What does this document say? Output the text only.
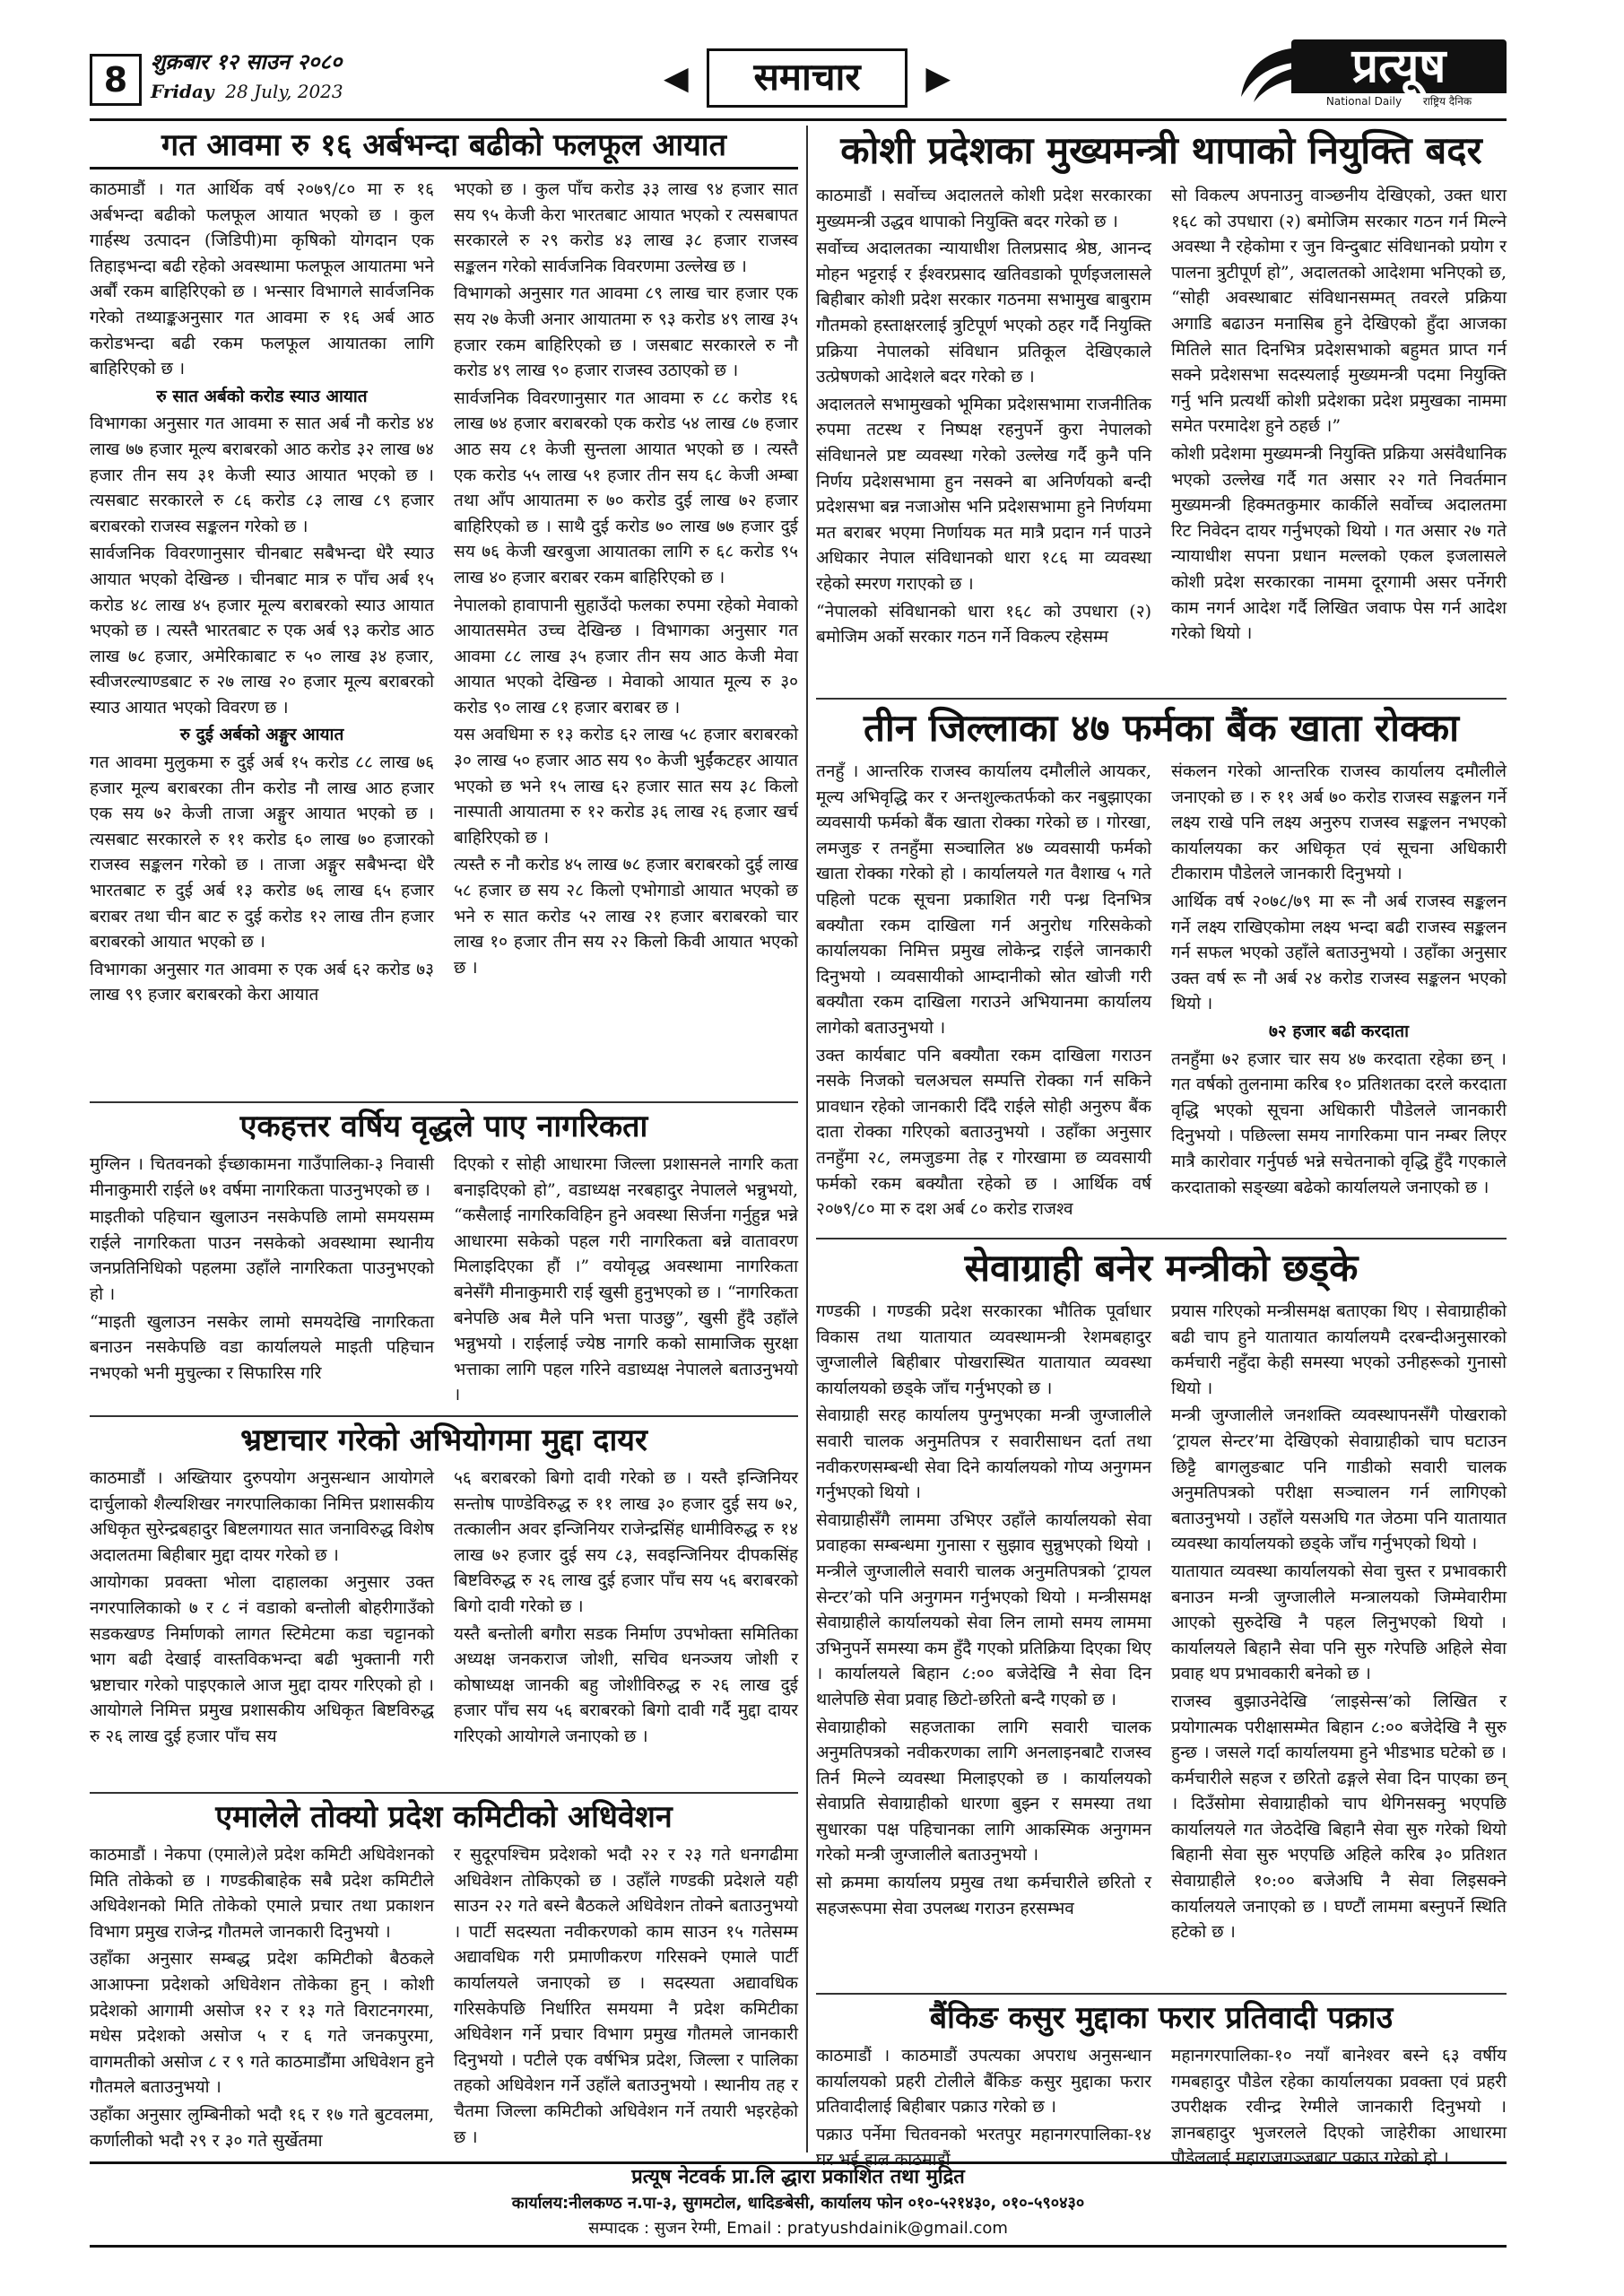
8	शुक्रबार १२ साउन २०८०
Friday 28 July, 2023	◀	समाचार	▶	प्रत्यूष
National Daily राष्ट्रिय दैनिक
गत आवमा रु १६ अर्बभन्दा बढीको फलफूल आयात

काठमाडौं । गत आर्थिक वर्ष २०७९/८० मा रु १६ अर्बभन्दा बढीको फलफूल आयात भएको छ । कुल गार्हस्थ उत्पादन (जिडिपी)मा कृषिको योगदान एक तिहाइभन्दा बढी रहेको अवस्थामा फलफूल आयातमा भने अर्बौं रकम बाहिरिएको छ । भन्सार विभागले सार्वजनिक गरेको तथ्याङ्कअनुसार गत आवमा रु १६ अर्ब आठ करोडभन्दा बढी रकम फलफूल आयातका लागि बाहिरिएको छ ।

रु सात अर्बको करोड स्याउ आयात

विभागका अनुसार गत आवमा रु सात अर्ब नौ करोड ४४ लाख ७७ हजार मूल्य बराबरको आठ करोड ३२ लाख ७४ हजार तीन सय ३१ केजी स्याउ आयात भएको छ । त्यसबाट सरकारले रु ८६ करोड ८३ लाख ८९ हजार बराबरको राजस्व सङ्कलन गरेको छ ।

सार्वजनिक विवरणानुसार चीनबाट सबैभन्दा धेरै स्याउ आयात भएको देखिन्छ । चीनबाट मात्र रु पाँच अर्ब १५ करोड ४८ लाख ४५ हजार मूल्य बराबरको स्याउ आयात भएको छ । त्यस्तै भारतबाट रु एक अर्ब ९३ करोड आठ लाख ७८ हजार, अमेरिकाबाट रु ५० लाख ३४ हजार, स्वीजरल्याण्डबाट रु २७ लाख २० हजार मूल्य बराबरको स्याउ आयात भएको विवरण छ ।

रु दुई अर्बको अङ्गुर आयात

गत आवमा मुलुकमा रु दुई अर्ब १५ करोड ८८ लाख ७६ हजार मूल्य बराबरका तीन करोड नौ लाख आठ हजार एक सय ७२ केजी ताजा अङ्गुर आयात भएको छ । त्यसबाट सरकारले रु ११ करोड ६० लाख ७० हजारको राजस्व सङ्कलन गरेको छ । ताजा अङ्गुर सबैभन्दा धेरै भारतबाट रु दुई अर्ब १३ करोड ७६ लाख ६५ हजार बराबर तथा चीन बाट रु दुई करोड १२ लाख तीन हजार बराबरको आयात भएको छ ।

विभागका अनुसार गत आवमा रु एक अर्ब ६२ करोड ७३ लाख ९९ हजार बराबरको केरा आयात

भएको छ । कुल पाँच करोड ३३ लाख ९४ हजार सात सय ९५ केजी केरा भारतबाट आयात भएको र त्यसबापत सरकारले रु २९ करोड ४३ लाख ३८ हजार राजस्व सङ्कलन गरेको सार्वजनिक विवरणमा उल्लेख छ ।

विभागको अनुसार गत आवमा ८९ लाख चार हजार एक सय २७ केजी अनार आयातमा रु ९३ करोड ४९ लाख ३५ हजार रकम बाहिरिएको छ । जसबाट सरकारले रु नौ करोड ४९ लाख ९० हजार राजस्व उठाएको छ ।

सार्वजनिक विवरणानुसार गत आवमा रु ८८ करोड १६ लाख ७४ हजार बराबरको एक करोड ५४ लाख ८७ हजार आठ सय ८१ केजी सुन्तला आयात भएको छ । त्यस्तै एक करोड ५५ लाख ५१ हजार तीन सय ६८ केजी अम्बा तथा आँप आयातमा रु ७० करोड दुई लाख ७२ हजार बाहिरिएको छ । साथै दुई करोड ७० लाख ७७ हजार दुई सय ७६ केजी खरबुजा आयातका लागि रु ६८ करोड ९५ लाख ४० हजार बराबर रकम बाहिरिएको छ ।

नेपालको हावापानी सुहाउँदो फलका रुपमा रहेको मेवाको आयातसमेत उच्च देखिन्छ । विभागका अनुसार गत आवमा ८८ लाख ३५ हजार तीन सय आठ केजी मेवा आयात भएको देखिन्छ । मेवाको आयात मूल्य रु ३० करोड ९० लाख ८१ हजार बराबर छ ।

यस अवधिमा रु १३ करोड ६२ लाख ५८ हजार बराबरको ३० लाख ५० हजार आठ सय ९० केजी भुईंकटहर आयात भएको छ भने १५ लाख ६२ हजार सात सय ३८ किलो नास्पाती आयातमा रु १२ करोड ३६ लाख २६ हजार खर्च बाहिरिएको छ ।

त्यस्तै रु नौ करोड ४५ लाख ७८ हजार बराबरको दुई लाख ५८ हजार छ सय २८ किलो एभोगाडो आयात भएको छ भने रु सात करोड ५२ लाख २१ हजार बराबरको चार लाख १० हजार तीन सय २२ किलो किवी आयात भएको छ ।

एकहत्तर वर्षिय वृद्धले पाए नागरिकता

मुग्लिन । चितवनको ईच्छाकामना गाउँपालिका-३ निवासी मीनाकुमारी राईले ७१ वर्षमा नागरिकता पाउनुभएको छ ।

माइतीको पहिचान खुलाउन नसकेपछि लामो समयसम्म राईले नागरिकता पाउन नसकेको अवस्थामा स्थानीय जनप्रतिनिधिको पहलमा उहाँले नागरिकता पाउनुभएको हो ।

“माइती खुलाउन नसकेर लामो समयदेखि नागरिकता बनाउन नसकेपछि वडा कार्यालयले माइती पहिचान नभएको भनी मुचुल्का र सिफारिस गरि

दिएको र सोही आधारमा जिल्ला प्रशासनले नागरि कता बनाइदिएको हो”, वडाध्यक्ष नरबहादुर नेपालले भन्नुभयो, “कसैलाई नागरिकविहिन हुने अवस्था सिर्जना गर्नुहुन्न भन्ने आधारमा सकेको पहल गरी नागरिकता बन्ने वातावरण मिलाइदिएका हौं ।” वयोवृद्ध अवस्थामा नागरिकता बनेसँगै मीनाकुमारी राई खुसी हुनुभएको छ । “नागरिकता बनेपछि अब मैले पनि भत्ता पाउछु”, खुसी हुँदै उहाँले भन्नुभयो । राईलाई ज्येष्ठ नागरि कको सामाजिक सुरक्षा भत्ताका लागि पहल गरिने वडाध्यक्ष नेपालले बताउनुभयो ।

भ्रष्टाचार गरेको अभियोगमा मुद्दा दायर

काठमाडौं । अख्तियार दुरुपयोग अनुसन्धान आयोगले दार्चुलाको शैल्यशिखर नगरपालिकाका निमित्त प्रशासकीय अधिकृत सुरेन्द्रबहादुर बिष्टलगायत सात जनाविरुद्ध विशेष अदालतमा बिहीबार मुद्दा दायर गरेको छ ।

आयोगका प्रवक्ता भोला दाहालका अनुसार उक्त नगरपालिकाको ७ र ८ नं वडाको बन्तोली बोहरीगाउँको सडकखण्ड निर्माणको लागत स्टिमेटमा कडा चट्टानको भाग बढी देखाई वास्तविकभन्दा बढी भुक्तानी गरी भ्रष्टाचार गरेको पाइएकाले आज मुद्दा दायर गरिएको हो । आयोगले निमित्त प्रमुख प्रशासकीय अधिकृत बिष्टविरुद्ध रु २६ लाख दुई हजार पाँच सय

५६ बराबरको बिगो दावी गरेको छ । यस्तै इन्जिनियर सन्तोष पाण्डेविरुद्ध रु ११ लाख ३० हजार दुई सय ७२, तत्कालीन अवर इन्जिनियर राजेन्द्रसिंह धामीविरुद्ध रु १४ लाख ७२ हजार दुई सय ८३, सवइन्जिनियर दीपकसिंह बिष्टविरुद्ध रु २६ लाख दुई हजार पाँच सय ५६ बराबरको बिगो दावी गरेको छ ।

यस्तै बन्तोली बगौरा सडक निर्माण उपभोक्ता समितिका अध्यक्ष जनकराज जोशी, सचिव धनञ्जय जोशी र कोषाध्यक्ष जानकी बहु जोशीविरुद्ध रु २६ लाख दुई हजार पाँच सय ५६ बराबरको बिगो दावी गर्दै मुद्दा दायर गरिएको आयोगले जनाएको छ ।

एमालेले तोक्यो प्रदेश कमिटीको अधिवेशन

काठमाडौं । नेकपा (एमाले)ले प्रदेश कमिटी अधिवेशनको मिति तोकेको छ । गण्डकीबाहेक सबै प्रदेश कमिटीले अधिवेशनको मिति तोकेको एमाले प्रचार तथा प्रकाशन विभाग प्रमुख राजेन्द्र गौतमले जानकारी दिनुभयो ।

उहाँका अनुसार सम्बद्ध प्रदेश कमिटीको बैठकले आआफ्ना प्रदेशको अधिवेशन तोकेका हुन् । कोशी प्रदेशको आगामी असोज १२ र १३ गते विराटनगरमा, मधेस प्रदेशको असोज ५ र ६ गते जनकपुरमा, वागमतीको असोज ८ र ९ गते काठमाडौंमा अधिवेशन हुने गौतमले बताउनुभयो ।

उहाँका अनुसार लुम्बिनीको भदौ १६ र १७ गते बुटवलमा, कर्णालीको भदौ २९ र ३० गते सुर्खेतमा

र सुदूरपश्चिम प्रदेशको भदौ २२ र २३ गते धनगढीमा अधिवेशन तोकिएको छ । उहाँले गण्डकी प्रदेशले यही साउन २२ गते बस्ने बैठकले अधिवेशन तोक्ने बताउनुभयो । पार्टी सदस्यता नवीकरणको काम साउन १५ गतेसम्म अद्यावधिक गरी प्रमाणीकरण गरिसक्ने एमाले पार्टी कार्यालयले जनाएको छ । सदस्यता अद्यावधिक गरिसकेपछि निर्धारित समयमा नै प्रदेश कमिटीका अधिवेशन गर्ने प्रचार विभाग प्रमुख गौतमले जानकारी दिनुभयो । पटीले एक वर्षभित्र प्रदेश, जिल्ला र पालिका तहको अधिवेशन गर्ने उहाँले बताउनुभयो । स्थानीय तह र चैतमा जिल्ला कमिटीको अधिवेशन गर्ने तयारी भइरहेको छ ।

कोशी प्रदेशका मुख्यमन्त्री थापाको नियुक्ति बदर

काठमाडौं । सर्वोच्च अदालतले कोशी प्रदेश सरकारका मुख्यमन्त्री उद्धव थापाको नियुक्ति बदर गरेको छ ।

सर्वोच्च अदालतका न्यायाधीश तिलप्रसाद श्रेष्ठ, आनन्द मोहन भट्टराई र ईश्वरप्रसाद खतिवडाको पूर्णइजलासले बिहीबार कोशी प्रदेश सरकार गठनमा सभामुख बाबुराम गौतमको हस्ताक्षरलाई त्रुटिपूर्ण भएको ठहर गर्दै नियुक्ति प्रक्रिया नेपालको संविधान प्रतिकूल देखिएकाले उत्प्रेषणको आदेशले बदर गरेको छ ।

अदालतले सभामुखको भूमिका प्रदेशसभामा राजनीतिक रुपमा तटस्थ र निष्पक्ष रहनुपर्ने कुरा नेपालको संविधानले प्रष्ट व्यवस्था गरेको उल्लेख गर्दै कुनै पनि निर्णय प्रदेशसभामा हुन नसक्ने बा अनिर्णयको बन्दी प्रदेशसभा बन्न नजाओस भनि प्रदेशसभामा हुने निर्णयमा मत बराबर भएमा निर्णायक मत मात्रै प्रदान गर्न पाउने अधिकार नेपाल संविधानको धारा १८६ मा व्यवस्था रहेको स्मरण गराएको छ ।

“नेपालको संविधानको धारा १६८ को उपधारा (२) बमोजिम अर्को सरकार गठन गर्ने विकल्प रहेसम्म

सो विकल्प अपनाउनु वाञ्छनीय देखिएको, उक्त धारा १६८ को उपधारा (२) बमोजिम सरकार गठन गर्न मिल्ने अवस्था नै रहेकोमा र जुन विन्दुबाट संविधानको प्रयोग र पालना त्रुटीपूर्ण हो”, अदालतको आदेशमा भनिएको छ, “सोही अवस्थाबाट संविधानसम्मत् तवरले प्रक्रिया अगाडि बढाउन मनासिब हुने देखिएको हुँदा आजका मितिले सात दिनभित्र प्रदेशसभाको बहुमत प्राप्त गर्न सक्ने प्रदेशसभा सदस्यलाई मुख्यमन्त्री पदमा नियुक्ति गर्नु भनि प्रत्यर्थी कोशी प्रदेशका प्रदेश प्रमुखका नाममा समेत परमादेश हुने ठहर्छ ।”

कोशी प्रदेशमा मुख्यमन्त्री नियुक्ति प्रक्रिया असंवैधानिक भएको उल्लेख गर्दै गत असार २२ गते निवर्तमान मुख्यमन्त्री हिक्मतकुमार कार्कीले सर्वोच्च अदालतमा रिट निवेदन दायर गर्नुभएको थियो । गत असार २७ गते न्यायाधीश सपना प्रधान मल्लको एकल इजलासले कोशी प्रदेश सरकारका नाममा दूरगामी असर पर्नेगरी काम नगर्न आदेश गर्दै लिखित जवाफ पेस गर्न आदेश गरेको थियो ।

तीन जिल्लाका ४७ फर्मका बैंक खाता रोक्का

तनहुँ । आन्तरिक राजस्व कार्यालय दमौलीले आयकर, मूल्य अभिवृद्धि कर र अन्तशुल्कतर्फको कर नबुझाएका व्यवसायी फर्मको बैंक खाता रोक्का गरेको छ । गोरखा, लमजुङ र तनहुँमा सञ्चालित ४७ व्यवसायी फर्मको खाता रोक्का गरेको हो । कार्यालयले गत वैशाख ५ गते पहिलो पटक सूचना प्रकाशित गरी पन्ध्र दिनभित्र बक्यौता रकम दाखिला गर्न अनुरोध गरिसकेको कार्यालयका निमित्त प्रमुख लोकेन्द्र राईले जानकारी दिनुभयो । व्यवसायीको आम्दानीको स्रोत खोजी गरी बक्यौता रकम दाखिला गराउने अभियानमा कार्यालय लागेको बताउनुभयो ।

उक्त कार्यबाट पनि बक्यौता रकम दाखिला गराउन नसके निजको चलअचल सम्पत्ति रोक्का गर्न सकिने प्रावधान रहेको जानकारी दिँदै राईले सोही अनुरुप बैंक दाता रोक्का गरिएको बताउनुभयो । उहाँका अनुसार तनहुँमा २८, लमजुङमा तेह्र र गोरखामा छ व्यवसायी फर्मको रकम बक्यौता रहेको छ । आर्थिक वर्ष २०७९/८० मा रु दश अर्ब ८० करोड राजश्व

संकलन गरेको आन्तरिक राजस्व कार्यालय दमौलीले जनाएको छ । रु ११ अर्ब ७० करोड राजस्व सङ्कलन गर्ने लक्ष्य राखे पनि लक्ष्य अनुरुप राजस्व सङ्कलन नभएको कार्यालयका कर अधिकृत एवं सूचना अधिकारी टीकाराम पौडेलले जानकारी दिनुभयो ।

आर्थिक वर्ष २०७८/७९ मा रू नौ अर्ब राजस्व सङ्कलन गर्ने लक्ष्य राखिएकोमा लक्ष्य भन्दा बढी राजस्व सङ्कलन गर्न सफल भएको उहाँले बताउनुभयो । उहाँका अनुसार उक्त वर्ष रू नौ अर्ब २४ करोड राजस्व सङ्कलन भएको थियो ।

७२ हजार बढी करदाता

तनहुँमा ७२ हजार चार सय ४७ करदाता रहेका छन् । गत वर्षको तुलनामा करिब १० प्रतिशतका दरले करदाता वृद्धि भएको सूचना अधिकारी पौडेलले जानकारी दिनुभयो । पछिल्ला समय नागरिकमा पान नम्बर लिएर मात्रै कारोवार गर्नुपर्छ भन्ने सचेतनाको वृद्धि हुँदै गएकाले करदाताको सङ्ख्या बढेको कार्यालयले जनाएको छ ।

सेवाग्राही बनेर मन्त्रीको छड्के

गण्डकी । गण्डकी प्रदेश सरकारका भौतिक पूर्वाधार विकास तथा यातायात व्यवस्थामन्त्री रेशमबहादुर जुग्जालीले बिहीबार पोखरास्थित यातायात व्यवस्था कार्यालयको छड्के जाँच गर्नुभएको छ ।

सेवाग्राही सरह कार्यालय पुग्नुभएका मन्त्री जुग्जालीले सवारी चालक अनुमतिपत्र र सवारीसाधन दर्ता तथा नवीकरणसम्बन्धी सेवा दिने कार्यालयको गोप्य अनुगमन गर्नुभएको थियो ।

सेवाग्राहीसँगै लाममा उभिएर उहाँले कार्यालयको सेवा प्रवाहका सम्बन्धमा गुनासा र सुझाव सुन्नुभएको थियो । मन्त्रीले जुग्जालीले सवारी चालक अनुमतिपत्रको ‘ट्रायल सेन्टर’को पनि अनुगमन गर्नुभएको थियो । मन्त्रीसमक्ष सेवाग्राहीले कार्यालयको सेवा लिन लामो समय लाममा उभिनुपर्ने समस्या कम हुँदै गएको प्रतिक्रिया दिएका थिए । कार्यालयले बिहान ८:०० बजेदेखि नै सेवा दिन थालेपछि सेवा प्रवाह छिटो-छरितो बन्दै गएको छ ।

सेवाग्राहीको सहजताका लागि सवारी चालक अनुमतिपत्रको नवीकरणका लागि अनलाइनबाटै राजस्व तिर्न मिल्ने व्यवस्था मिलाइएको छ । कार्यालयको सेवाप्रति सेवाग्राहीको धारणा बुझ्न र समस्या तथा सुधारका पक्ष पहिचानका लागि आकस्मिक अनुगमन गरेको मन्त्री जुग्जालीले बताउनुभयो ।

सो क्रममा कार्यालय प्रमुख तथा कर्मचारीले छरितो र सहजरूपमा सेवा उपलब्ध गराउन हरसम्भव

प्रयास गरिएको मन्त्रीसमक्ष बताएका थिए । सेवाग्राहीको बढी चाप हुने यातायात कार्यालयमै दरबन्दीअनुसारको कर्मचारी नहुँदा केही समस्या भएको उनीहरूको गुनासो थियो ।

मन्त्री जुग्जालीले जनशक्ति व्यवस्थापनसँगै पोखराको ‘ट्रायल सेन्टर’मा देखिएको सेवाग्राहीको चाप घटाउन छिट्टै बागलुङबाट पनि गाडीको सवारी चालक अनुमतिपत्रको परीक्षा सञ्चालन गर्न लागिएको बताउनुभयो । उहाँले यसअघि गत जेठमा पनि यातायात व्यवस्था कार्यालयको छड्के जाँच गर्नुभएको थियो ।

यातायात व्यवस्था कार्यालयको सेवा चुस्त र प्रभावकारी बनाउन मन्त्री जुग्जालीले मन्त्रालयको जिम्मेवारीमा आएको सुरुदेखि नै पहल लिनुभएको थियो । कार्यालयले बिहानै सेवा पनि सुरु गरेपछि अहिले सेवा प्रवाह थप प्रभावकारी बनेको छ ।

राजस्व बुझाउनेदेखि ‘लाइसेन्स’को लिखित र प्रयोगात्मक परीक्षासम्मेत बिहान ८:०० बजेदेखि नै सुरु हुन्छ । जसले गर्दा कार्यालयमा हुने भीडभाड घटेको छ । कर्मचारीले सहज र छरितो ढङ्गले सेवा दिन पाएका छन् । दिउँसोमा सेवाग्राहीको चाप थेगिनसक्नु भएपछि कार्यालयले गत जेठदेखि बिहानै सेवा सुरु गरेको थियो बिहानी सेवा सुरु भएपछि अहिले करिब ३० प्रतिशत सेवाग्राहीले १०:०० बजेअघि नै सेवा लिइसक्ने कार्यालयले जनाएको छ । घण्टौं लाममा बस्नुपर्ने स्थिति हटेको छ ।

बैंकिङ कसुर मुद्दाका फरार प्रतिवादी पक्राउ

काठमाडौं । काठमाडौं उपत्यका अपराध अनुसन्धान कार्यालयको प्रहरी टोलीले बैंकिङ कसुर मुद्दाका फरार प्रतिवादीलाई बिहीबार पक्राउ गरेको छ ।

पक्राउ पर्नेमा चितवनको भरतपुर महानगरपालिका-१४ घर भई हाल काठमाडौं

महानगरपालिका-१० नयाँ बानेश्वर बस्ने ६३ वर्षीय गमबहादुर पौडेल रहेका कार्यालयका प्रवक्ता एवं प्रहरी उपरीक्षक रवीन्द्र रेग्मीले जानकारी दिनुभयो । ज्ञानबहादुर भुजरलले दिएको जाहेरीका आधारमा पौडेललाई महाराजगञ्जबाट पक्राउ गरेको हो ।

प्रत्यूष नेटवर्क प्रा.लि द्धारा प्रकाशित तथा मुद्रित
कार्यालय:नीलकण्ठ न.पा-३, सुगमटोल, धादिङबेसी, कार्यालय फोन ०१०-५२१४३०, ०१०-५९०४३०
सम्पादक : सुजन रेग्मी, Email : pratyushdainik@gmail.com
